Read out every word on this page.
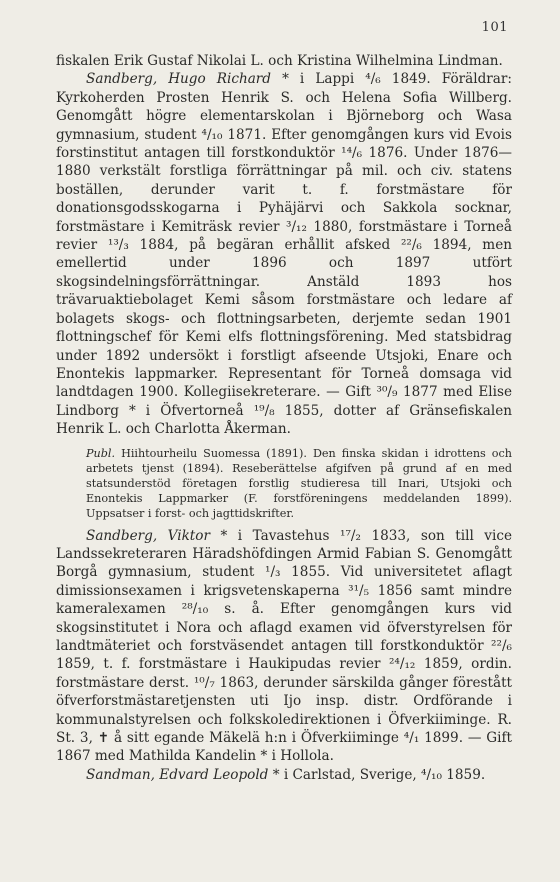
101

fiskalen Erik Gustaf Nikolai L. och Kristina Wilhelmina Lindman.

Sandberg, Hugo Richard * i Lappi ⁴/₆ 1849. Föräldrar: Kyrkoherden Prosten Henrik S. och Helena Sofia Willberg. Genomgått högre elementarskolan i Björneborg och Wasa gymnasium, student ⁴/₁₀ 1871. Efter genomgången kurs vid Evois forstinstitut antagen till forstkonduktör ¹⁴/₆ 1876. Under 1876—1880 verkstält forstliga förrättningar på mil. och civ. statens boställen, derunder varit t. f. forstmästare för donationsgodsskogarna i Pyhäjärvi och Sakkola socknar, forstmästare i Kemiträsk revier ³/₁₂ 1880, forstmästare i Torneå revier ¹³/₃ 1884, på begäran erhållit afsked ²²/₆ 1894, men emellertid under 1896 och 1897 utfört skogsindelningsförrättningar. Anstäld 1893 hos trävaruaktiebolaget Kemi såsom forstmästare och ledare af bolagets skogs- och flottningsarbeten, derjemte sedan 1901 flottningschef för Kemi elfs flottningsförening. Med statsbidrag under 1892 undersökt i forstligt afseende Utsjoki, Enare och Enontekis lappmarker. Representant för Torneå domsaga vid landtdagen 1900. Kollegiisekreterare. — Gift ³⁰/₉ 1877 med Elise Lindborg * i Öfvertorneå ¹⁹/₈ 1855, dotter af Gränsefiskalen Henrik L. och Charlotta Åkerman.

Publ. Hiihtourheilu Suomessa (1891). Den finska skidan i idrottens och arbetets tjenst (1894). Reseberättelse afgifven på grund af en med statsunderstöd företagen forstlig studieresa till Inari, Utsjoki och Enontekis Lappmarker (F. forstföreningens meddelanden 1899). Uppsatser i forst- och jagttidskrifter.

Sandberg, Viktor * i Tavastehus ¹⁷/₂ 1833, son till vice Landssekreteraren Häradshöfdingen Armid Fabian S. Genomgått Borgå gymnasium, student ¹/₃ 1855. Vid universitetet aflagt dimissionsexamen i krigsvetenskaperna ³¹/₅ 1856 samt mindre kameralexamen ²⁸/₁₀ s. å. Efter genomgången kurs vid skogsinstitutet i Nora och aflagd examen vid öfverstyrelsen för landtmäteriet och forstväsendet antagen till forstkonduktör ²²/₆ 1859, t. f. forstmästare i Haukipudas revier ²⁴/₁₂ 1859, ordin. forstmästare derst. ¹⁰/₇ 1863, derunder särskilda gånger förestått öfverforstmästaretjensten uti Ijo insp. distr. Ordförande i kommunalstyrelsen och folkskoledirektionen i Öfverkiiminge. R. St. 3, ✝ å sitt egande Mäkelä h:n i Öfverkiiminge ⁴/₁ 1899. — Gift 1867 med Mathilda Kandelin * i Hollola.

Sandman, Edvard Leopold * i Carlstad, Sverige, ⁴/₁₀ 1859.
